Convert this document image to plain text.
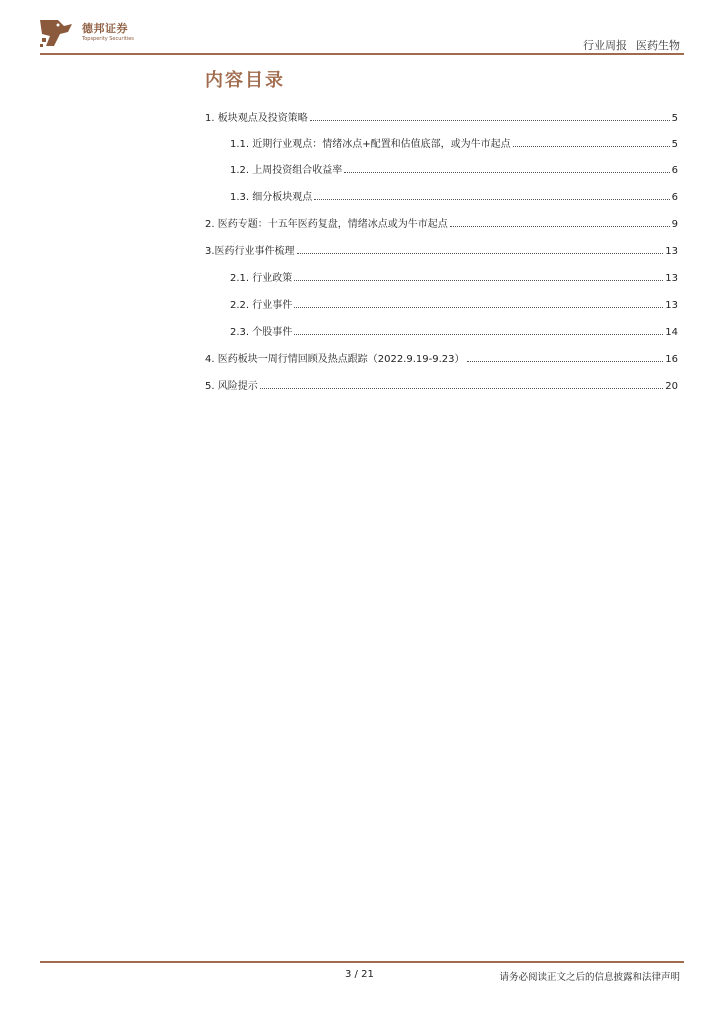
德邦证券
Topsperity Securities	行业周报 医药生物
内容目录
1. 板块观点及投资策略	5
1.1. 近期行业观点：情绪冰点+配置和估值底部，或为牛市起点	5
1.2. 上周投资组合收益率	6
1.3. 细分板块观点	6
2. 医药专题：十五年医药复盘，情绪冰点或为牛市起点	9
3.医药行业事件梳理	13
2.1. 行业政策	13
2.2. 行业事件	13
2.3. 个股事件	14
4. 医药板块一周行情回顾及热点跟踪（2022.9.19-9.23）	16
5. 风险提示	20
3 / 21	请务必阅读正文之后的信息披露和法律声明
